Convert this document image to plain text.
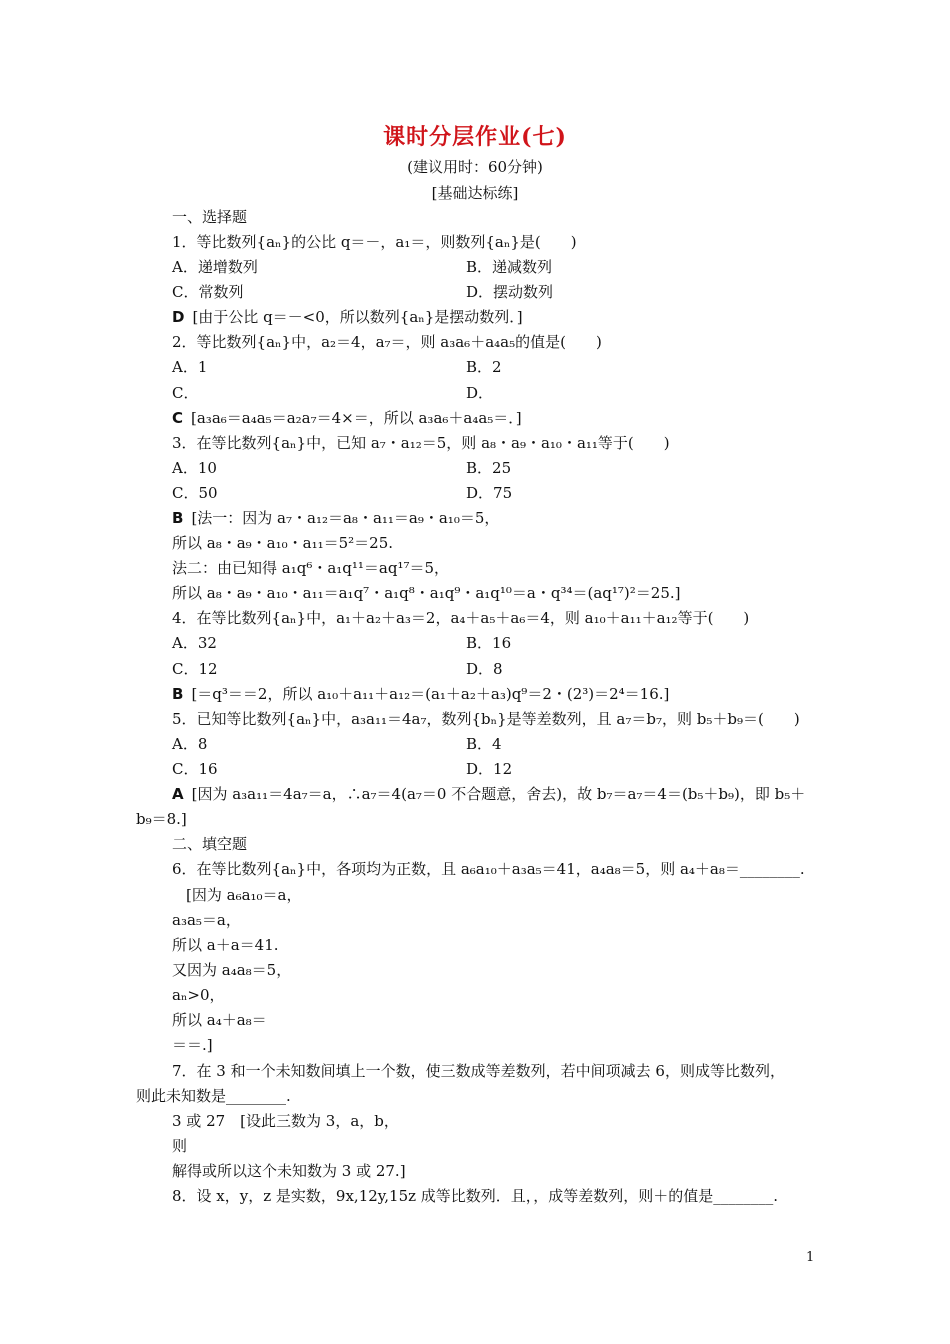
课时分层作业(七)
(建议用时：60分钟)
[基础达标练]
一、选择题
1．等比数列{aₙ}的公比 q＝－，a₁＝，则数列{aₙ}是(　　)
A．递增数列	B．递减数列
C．常数列	D．摆动数列
D [由于公比 q＝－<0，所以数列{aₙ}是摆动数列．]
2．等比数列{aₙ}中，a₂＝4，a₇＝，则 a₃a₆＋a₄a₅的值是(　　)
A．1	B．2
C．	D．
C [a₃a₆＝a₄a₅＝a₂a₇＝4×＝，所以 a₃a₆＋a₄a₅＝．]
3．在等比数列{aₙ}中，已知 a₇・a₁₂＝5，则 a₈・a₉・a₁₀・a₁₁等于(　　)
A．10	B．25
C．50	D．75
B [法一：因为 a₇・a₁₂＝a₈・a₁₁＝a₉・a₁₀＝5，
所以 a₈・a₉・a₁₀・a₁₁＝5²＝25.
法二：由已知得 a₁q⁶・a₁q¹¹＝aq¹⁷＝5，
所以 a₈・a₉・a₁₀・a₁₁＝a₁q⁷・a₁q⁸・a₁q⁹・a₁q¹⁰＝a・q³⁴＝(aq¹⁷)²＝25.]
4．在等比数列{aₙ}中，a₁＋a₂＋a₃＝2，a₄＋a₅＋a₆＝4，则 a₁₀＋a₁₁＋a₁₂等于(　　)
A．32	B．16
C．12	D．8
B [＝q³＝＝2，所以 a₁₀＋a₁₁＋a₁₂＝(a₁＋a₂＋a₃)q⁹＝2・(2³)＝2⁴＝16.]
5．已知等比数列{aₙ}中，a₃a₁₁＝4a₇，数列{bₙ}是等差数列，且 a₇＝b₇，则 b₅＋b₉＝(　　)
A．8	B．4
C．16	D．12
A [因为 a₃a₁₁＝4a₇＝a，∴a₇＝4(a₇＝0 不合题意，舍去)，故 b₇＝a₇＝4＝(b₅＋b₉)，即 b₅＋
b₉＝8.]
二、填空题
6．在等比数列{aₙ}中，各项均为正数，且 a₆a₁₀＋a₃a₅＝41，a₄a₈＝5，则 a₄＋a₈＝________.
[因为 a₆a₁₀＝a，
a₃a₅＝a，
所以 a＋a＝41.
又因为 a₄a₈＝5，
aₙ>0，
所以 a₄＋a₈＝
＝＝.]
7．在 3 和一个未知数间填上一个数，使三数成等差数列，若中间项减去 6，则成等比数列，
则此未知数是________.
3 或 27　[设此三数为 3，a，b，
则
解得或所以这个未知数为 3 或 27.]
8．设 x，y，z 是实数，9x,12y,15z 成等比数列．且，，成等差数列，则＋的值是________.
1
